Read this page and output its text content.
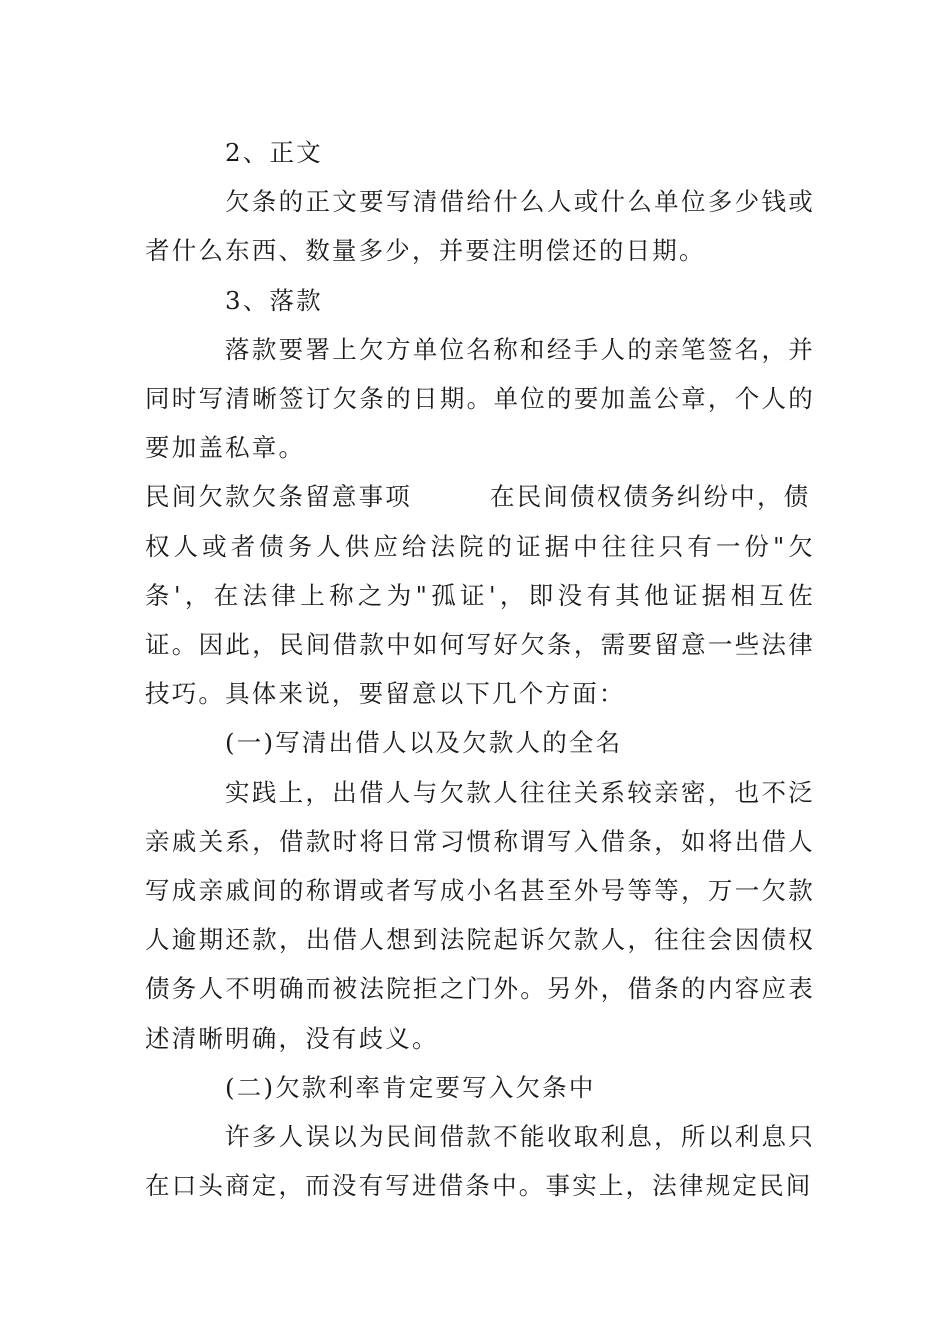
2、正文

欠条的正文要写清借给什么人或什么单位多少钱或者什么东西、数量多少，并要注明偿还的日期。

3、落款

落款要署上欠方单位名称和经手人的亲笔签名，并同时写清晰签订欠条的日期。单位的要加盖公章，个人的要加盖私章。

民间欠款欠条留意事项	在民间债权债务纠纷中，债

权人或者债务人供应给法院的证据中往往只有一份"欠条'，在法律上称之为"孤证'，即没有其他证据相互佐证。因此，民间借款中如何写好欠条，需要留意一些法律技巧。具体来说，要留意以下几个方面：

(一)写清出借人以及欠款人的全名

实践上，出借人与欠款人往往关系较亲密，也不泛亲戚关系，借款时将日常习惯称谓写入借条，如将出借人写成亲戚间的称谓或者写成小名甚至外号等等，万一欠款人逾期还款，出借人想到法院起诉欠款人，往往会因债权债务人不明确而被法院拒之门外。另外，借条的内容应表述清晰明确，没有歧义。

(二)欠款利率肯定要写入欠条中

许多人误以为民间借款不能收取利息，所以利息只在口头商定，而没有写进借条中。事实上，法律规定民间
